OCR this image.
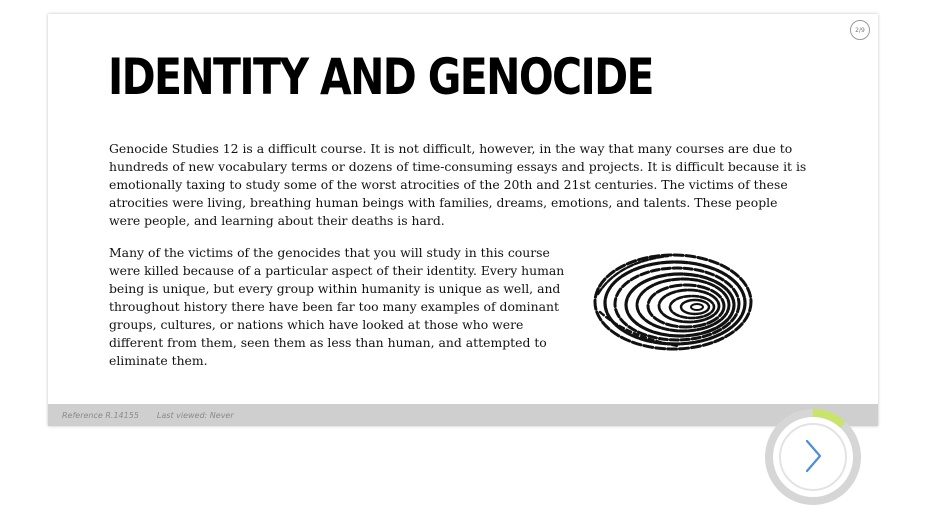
2/9
IDENTITY AND GENOCIDE

Genocide Studies 12 is a difficult course. It is not difficult, however, in the way that many courses are due to hundreds of new vocabulary terms or dozens of time-consuming essays and projects. It is difficult because it is emotionally taxing to study some of the worst atrocities of the 20th and 21st centuries. The victims of these atrocities were living, breathing human beings with families, dreams, emotions, and talents. These people were people, and learning about their deaths is hard.

Many of the victims of the genocides that you will study in this course were killed because of a particular aspect of their identity. Every human being is unique, but every group within humanity is unique as well, and throughout history there have been far too many examples of dominant groups, cultures, or nations which have looked at those who were different from them, seen them as less than human, and attempted to eliminate them.

Reference R.14155 Last viewed: Never
